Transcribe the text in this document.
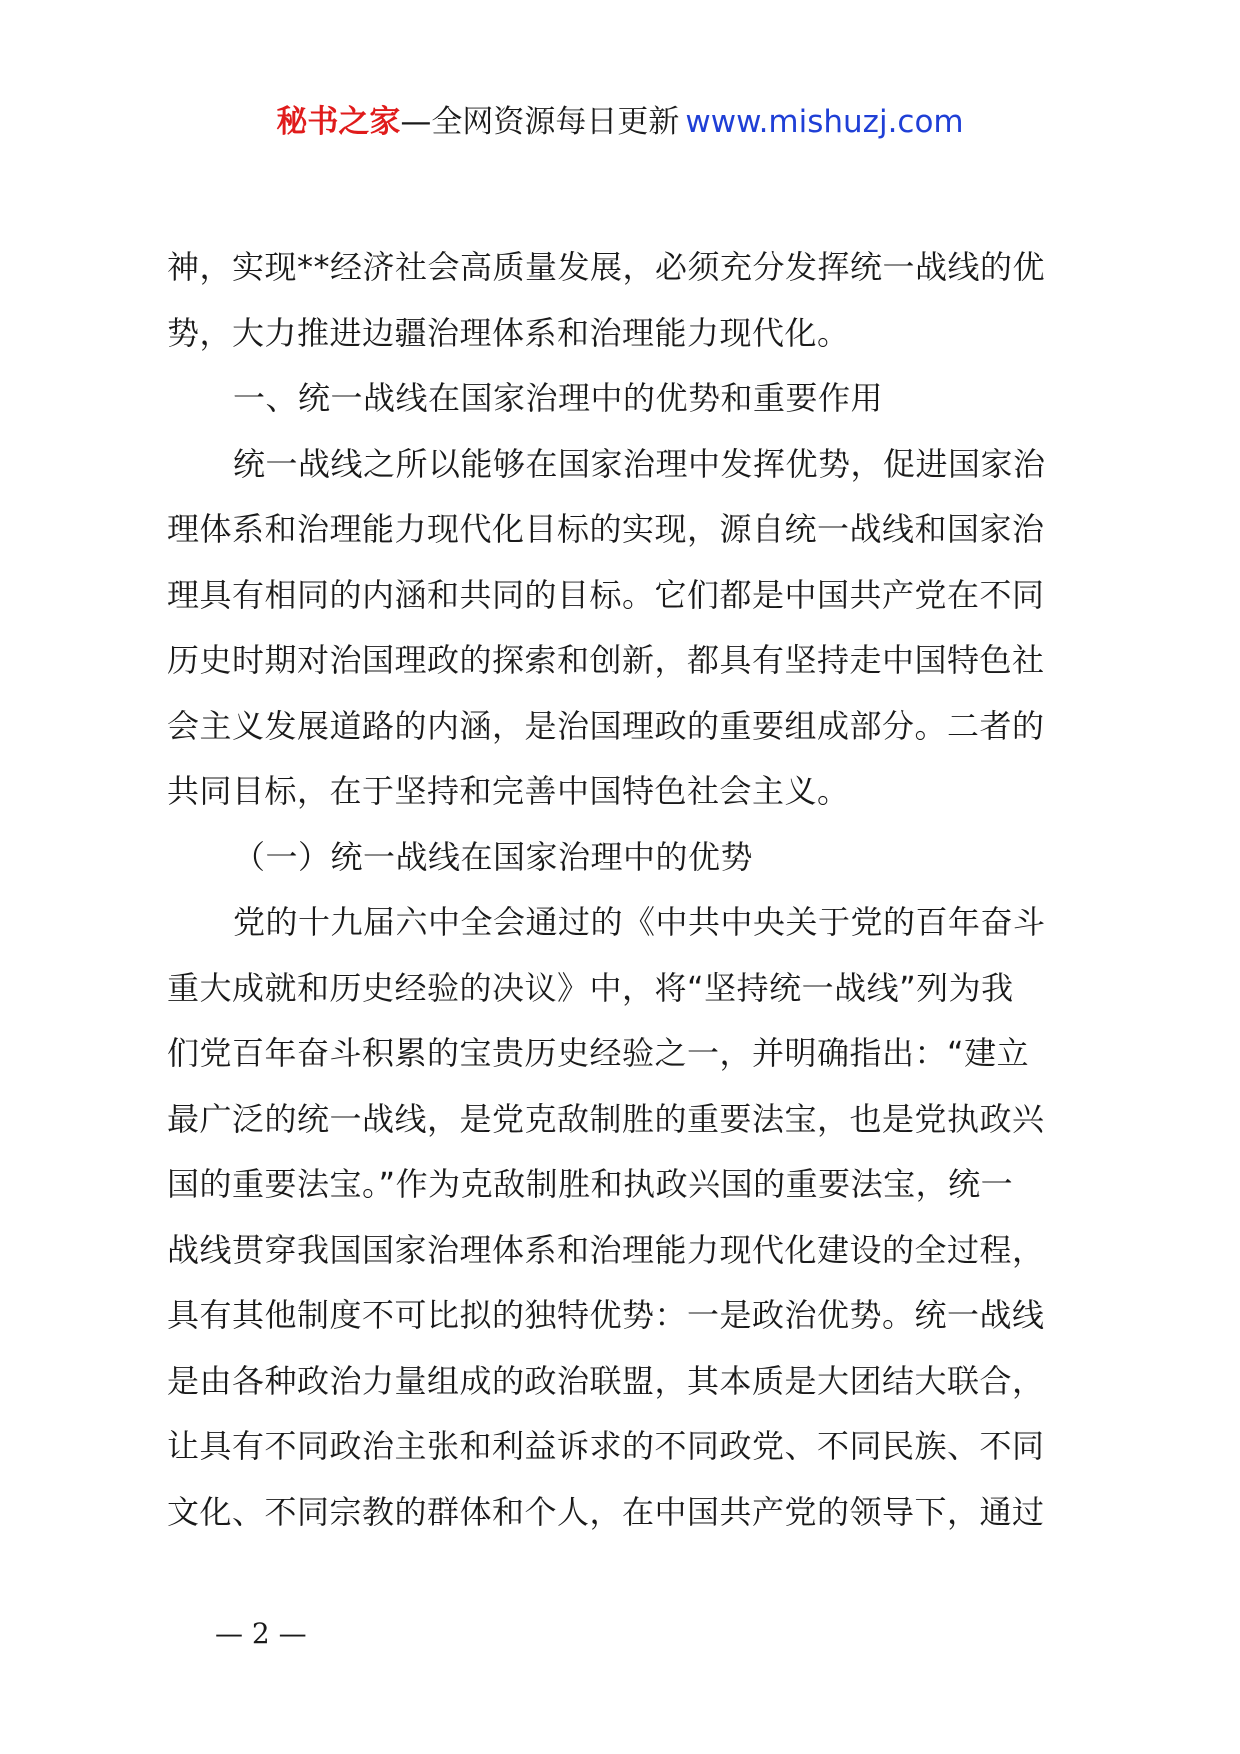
秘书之家—全网资源每日更新 www.mishuzj.com
神，实现**经济社会高质量发展，必须充分发挥统一战线的优
势，大力推进边疆治理体系和治理能力现代化。
一、统一战线在国家治理中的优势和重要作用
统一战线之所以能够在国家治理中发挥优势，促进国家治
理体系和治理能力现代化目标的实现，源自统一战线和国家治
理具有相同的内涵和共同的目标。它们都是中国共产党在不同
历史时期对治国理政的探索和创新，都具有坚持走中国特色社
会主义发展道路的内涵，是治国理政的重要组成部分。二者的
共同目标，在于坚持和完善中国特色社会主义。
（一）统一战线在国家治理中的优势
党的十九届六中全会通过的《中共中央关于党的百年奋斗
重大成就和历史经验的决议》中，将“坚持统一战线”列为我
们党百年奋斗积累的宝贵历史经验之一，并明确指出：“建立
最广泛的统一战线，是党克敌制胜的重要法宝，也是党执政兴
国的重要法宝。”作为克敌制胜和执政兴国的重要法宝，统一
战线贯穿我国国家治理体系和治理能力现代化建设的全过程，
具有其他制度不可比拟的独特优势：一是政治优势。统一战线
是由各种政治力量组成的政治联盟，其本质是大团结大联合，
让具有不同政治主张和利益诉求的不同政党、不同民族、不同
文化、不同宗教的群体和个人，在中国共产党的领导下，通过
— 2 —
